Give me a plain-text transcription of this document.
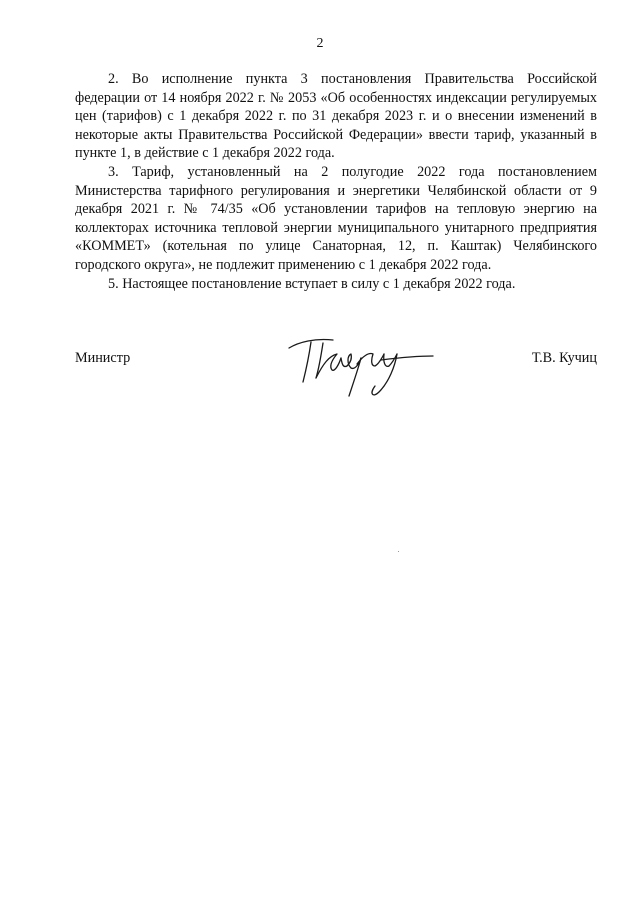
2

2. Во исполнение пункта 3 постановления Правительства Российской федерации от 14 ноября 2022 г. № 2053 «Об особенностях индексации регулируемых цен (тарифов) с 1 декабря 2022 г. по 31 декабря 2023 г. и о внесении изменений в некоторые акты Правительства Российской Федерации» ввести тариф, указанный в пункте 1, в действие с 1 декабря 2022 года.

3. Тариф, установленный на 2 полугодие 2022 года постановлением Министерства тарифного регулирования и энергетики Челябинской области от 9 декабря 2021 г. № 74/35 «Об установлении тарифов на тепловую энергию на коллекторах источника тепловой энергии муниципального унитарного предприятия «КОММЕТ» (котельная по улице Санаторная, 12, п. Каштак) Челябинского городского округа», не подлежит применению с 1 декабря 2022 года.

5. Настоящее постановление вступает в силу с 1 декабря 2022 года.

Министр	Т.В. Кучиц
